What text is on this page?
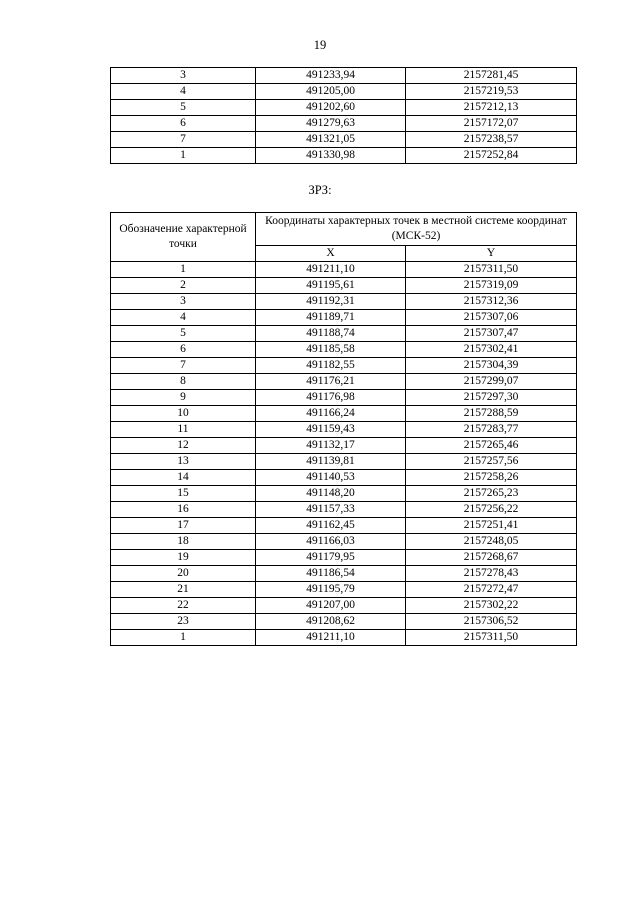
19
3	491233,94	2157281,45
4	491205,00	2157219,53
5	491202,60	2157212,13
6	491279,63	2157172,07
7	491321,05	2157238,57
1	491330,98	2157252,84
ЗРЗ:
Обозначение характерной точки	Координаты характерных точек в местной системе координат (МСК-52)	
	X	Y
1	491211,10	2157311,50
2	491195,61	2157319,09
3	491192,31	2157312,36
4	491189,71	2157307,06
5	491188,74	2157307,47
6	491185,58	2157302,41
7	491182,55	2157304,39
8	491176,21	2157299,07
9	491176,98	2157297,30
10	491166,24	2157288,59
11	491159,43	2157283,77
12	491132,17	2157265,46
13	491139,81	2157257,56
14	491140,53	2157258,26
15	491148,20	2157265,23
16	491157,33	2157256,22
17	491162,45	2157251,41
18	491166,03	2157248,05
19	491179,95	2157268,67
20	491186,54	2157278,43
21	491195,79	2157272,47
22	491207,00	2157302,22
23	491208,62	2157306,52
1	491211,10	2157311,50
